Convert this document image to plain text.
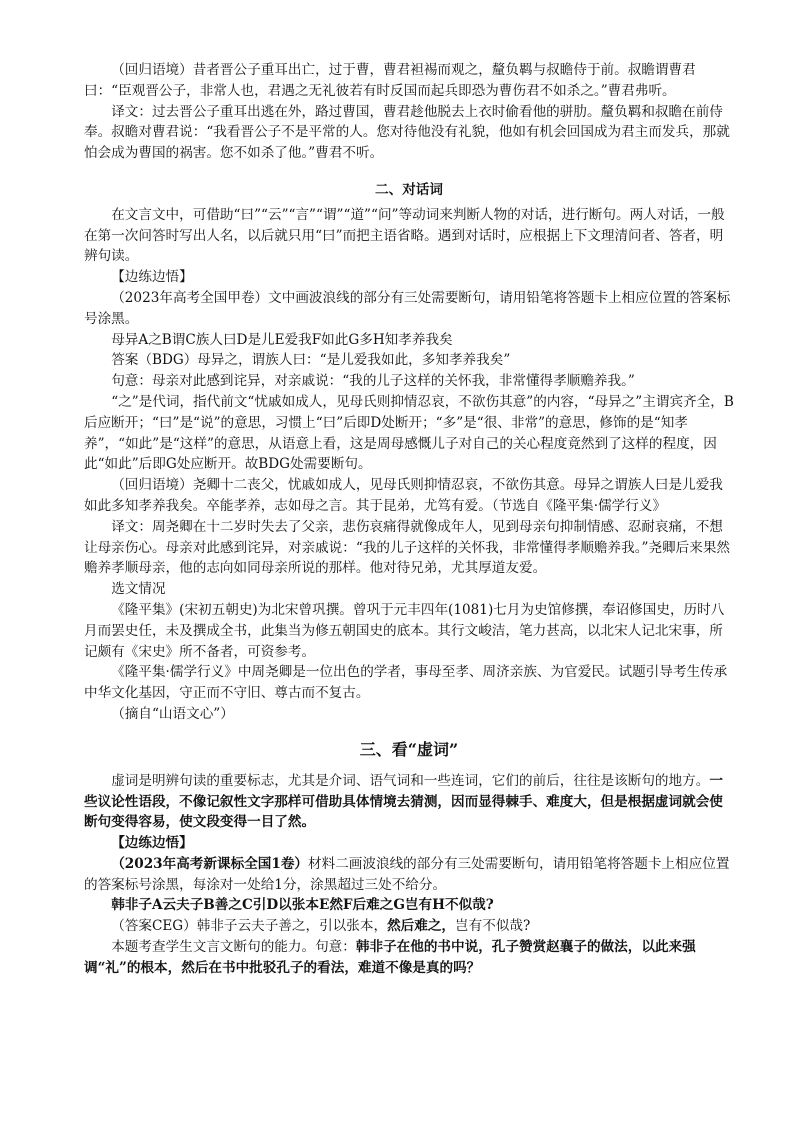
（回归语境）昔者晋公子重耳出亡，过于曹，曹君袒裼而观之，釐负羁与叔瞻侍于前。叔瞻谓曹君曰：“臣观晋公子，非常人也，君遇之无礼彼若有时反国而起兵即恐为曹伤君不如杀之。”曹君弗听。

译文：过去晋公子重耳出逃在外，路过曹国，曹君趁他脱去上衣时偷看他的骈肋。釐负羁和叔瞻在前侍奉。叔瞻对曹君说：“我看晋公子不是平常的人。您对待他没有礼貌，他如有机会回国成为君主而发兵，那就怕会成为曹国的祸害。您不如杀了他。”曹君不听。

二、对话词

在文言文中，可借助“曰”“云”“言”“谓”“道”“问”等动词来判断人物的对话，进行断句。两人对话，一般在第一次问答时写出人名，以后就只用“曰”而把主语省略。遇到对话时，应根据上下文理清问者、答者，明辨句读。

【边练边悟】

（2023年高考全国甲卷）文中画波浪线的部分有三处需要断句，请用铅笔将答题卡上相应位置的答案标号涂黑。

母异A之B谓C族人曰D是儿E爱我F如此G多H知孝养我矣

答案（BDG）母异之，谓族人曰：“是儿爱我如此，多知孝养我矣”

句意：母亲对此感到诧异，对亲戚说：“我的儿子这样的关怀我，非常懂得孝顺赡养我。”

“之”是代词，指代前文“忧戚如成人，见母氏则抑情忍哀，不欲伤其意”的内容，“母异之”主谓宾齐全，B后应断开；“曰”是“说”的意思，习惯上“曰”后即D处断开；“多”是“很、非常”的意思，修饰的是“知孝养”，“如此”是“这样”的意思，从语意上看，这是周母感慨儿子对自己的关心程度竟然到了这样的程度，因此“如此”后即G处应断开。故BDG处需要断句。

（回归语境）尧卿十二丧父，忧戚如成人，见母氏则抑情忍哀，不欲伤其意。母异之谓族人曰是儿爱我如此多知孝养我矣。卒能孝养，志如母之言。其于昆弟，尤笃有爱。（节选自《隆平集·儒学行义》

译文：周尧卿在十二岁时失去了父亲，悲伤哀痛得就像成年人，见到母亲句抑制情感、忍耐哀痛，不想让母亲伤心。母亲对此感到诧异，对亲戚说：“我的儿子这样的关怀我，非常懂得孝顺赡养我。”尧卿后来果然赡养孝顺母亲，他的志向如同母亲所说的那样。他对待兄弟，尤其厚道友爱。

选文情况

《隆平集》(宋初五朝史)为北宋曾巩撰。曾巩于元丰四年(1081)七月为史馆修撰，奉诏修国史，历时八月而罢史任，未及撰成全书，此集当为修五朝国史的底本。其行文峻洁，笔力甚高，以北宋人记北宋事，所记颇有《宋史》所不备者，可资参考。

《隆平集·儒学行义》中周尧卿是一位出色的学者，事母至孝、周济亲族、为官爱民。试题引导考生传承中华文化基因，守正而不守旧、尊古而不复古。

（摘自“山语文心”）

三、看“虚词”

虚词是明辨句读的重要标志，尤其是介词、语气词和一些连词，它们的前后，往往是该断句的地方。一些议论性语段，不像记叙性文字那样可借助具体情境去猜测，因而显得棘手、难度大，但是根据虚词就会使断句变得容易，使文段变得一目了然。

【边练边悟】

（2023年高考新课标全国1卷）材料二画波浪线的部分有三处需要断句，请用铅笔将答题卡上相应位置的答案标号涂黑，每涂对一处给1分，涂黑超过三处不给分。

韩非子A云夫子B善之C引D以张本E然F后难之G岂有H不似哉?

（答案CEG）韩非子云夫子善之，引以张本，然后难之，岂有不似哉?

本题考查学生文言文断句的能力。句意：韩非子在他的书中说，孔子赞赏赵襄子的做法，以此来强调“礼”的根本，然后在书中批驳孔子的看法，难道不像是真的吗？
